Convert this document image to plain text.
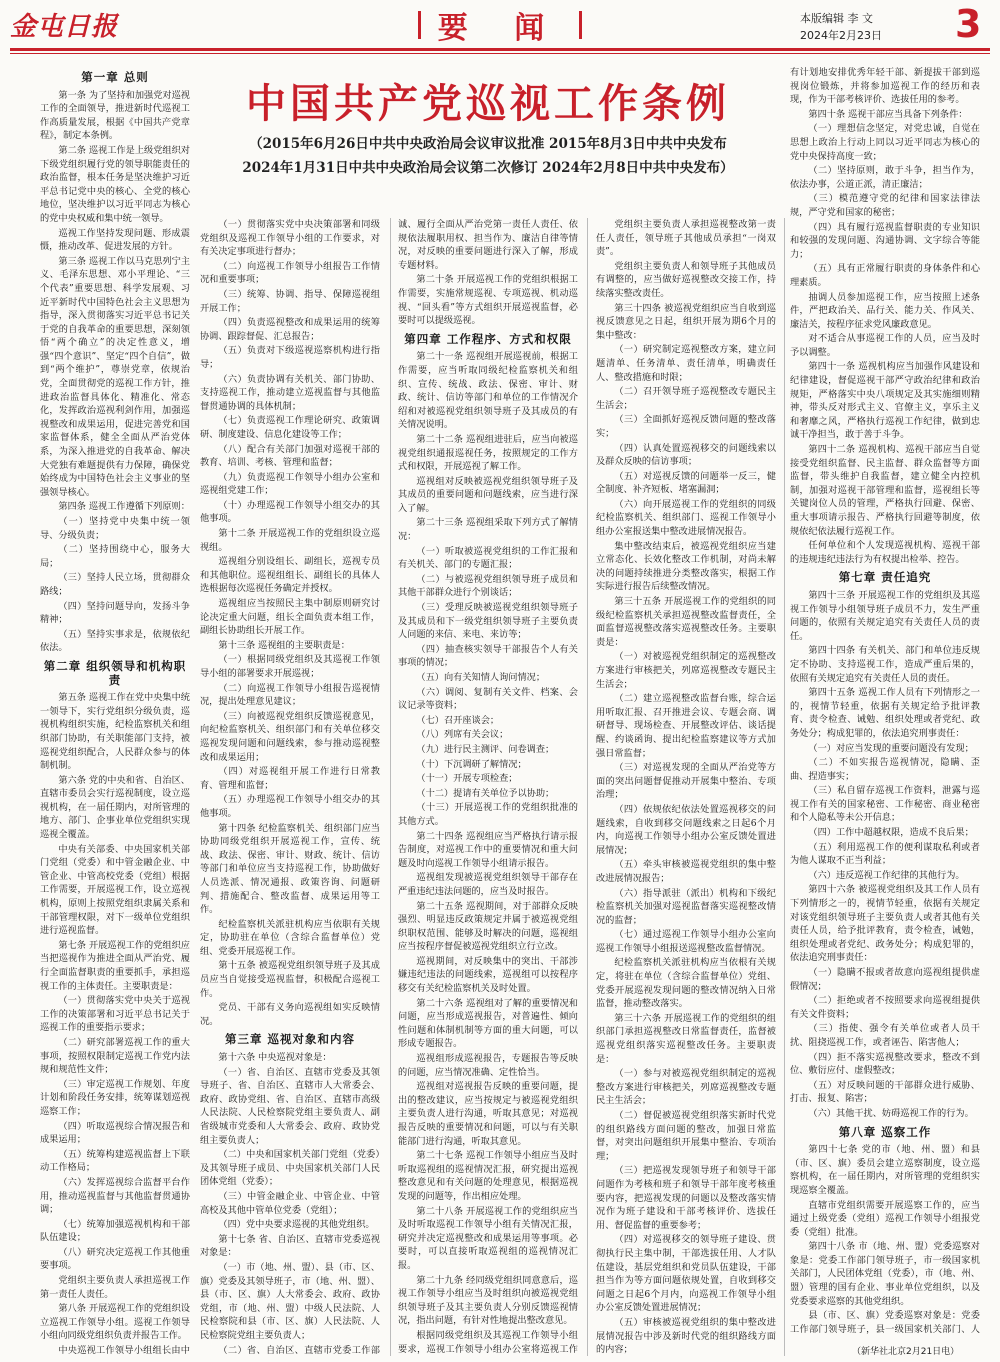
金屯日报	要 闻	本版编辑 李 文
2024年2月23日 3
中国共产党巡视工作条例
（2015年6月26日中共中央政治局会议审议批准 2015年8月3日中共中央发布
2024年1月31日中共中央政治局会议第二次修订 2024年2月8日中共中央发布）
第一章 总则

第一条 为了坚持和加强党对巡视工作的全面领导，推进新时代巡视工作高质量发展，根据《中国共产党章程》，制定本条例。

第二条 巡视工作是上级党组织对下级党组织履行党的领导职能责任的政治监督，根本任务是坚决维护习近平总书记党中央的核心、全党的核心地位，坚决维护以习近平同志为核心的党中央权威和集中统一领导。

巡视工作坚持发现问题、形成震慑，推动改革、促进发展的方针。

第三条 巡视工作以马克思列宁主义、毛泽东思想、邓小平理论、“三个代表”重要思想、科学发展观、习近平新时代中国特色社会主义思想为指导，深入贯彻落实习近平总书记关于党的自我革命的重要思想，深刻领悟“两个确立”的决定性意义，增强“四个意识”、坚定“四个自信”，做到“两个维护”，尊崇党章，依规治党，全面贯彻党的巡视工作方针，推进政治监督具体化、精准化、常态化，发挥政治巡视利剑作用，加强巡视整改和成果运用，促进完善党和国家监督体系，健全全面从严治党体系，为深入推进党的自我革命、解决大党独有难题提供有力保障，确保党始终成为中国特色社会主义事业的坚强领导核心。

第四条 巡视工作遵循下列原则：

（一）坚持党中央集中统一领导、分级负责；

（二）坚持围绕中心，服务大局；

（三）坚持人民立场，贯彻群众路线；

（四）坚持问题导向，发扬斗争精神；

（五）坚持实事求是，依规依纪依法。

第二章 组织领导和机构职责

第五条 巡视工作在党中央集中统一领导下，实行党组织分级负责，巡视机构组织实施，纪检监察机关和组织部门协助，有关职能部门支持，被巡视党组织配合，人民群众参与的体制机制。

第六条 党的中央和省、自治区、直辖市委员会实行巡视制度，设立巡视机构，在一届任期内，对所管理的地方、部门、企事业单位党组织实现巡视全覆盖。

中央有关部委、中央国家机关部门党组（党委）和中管金融企业、中管企业、中管高校党委（党组）根据工作需要，开展巡视工作，设立巡视机构，原则上按照党组织隶属关系和干部管理权限，对下一级单位党组织进行巡视监督。

第七条 开展巡视工作的党组织应当把巡视作为推进全面从严治党、履行全面监督职责的重要抓手，承担巡视工作的主体责任。主要职责是：

（一）贯彻落实党中央关于巡视工作的决策部署和习近平总书记关于巡视工作的重要指示要求；

（二）研究部署巡视工作的重大事项，按照权限制定巡视工作党内法规和规范性文件；

（三）审定巡视工作规划、年度计划和阶段任务安排，统筹谋划巡视巡察工作；

（四）听取巡视综合情况报告和成果运用；

（五）统筹构建巡视监督上下联动工作格局；

（六）发挥巡视综合监督平台作用，推动巡视监督与其他监督贯通协调；

（七）统筹加强巡视机构和干部队伍建设；

（八）研究决定巡视工作其他重要事项。

党组织主要负责人承担巡视工作第一责任人责任。

第八条 开展巡视工作的党组织设立巡视工作领导小组。巡视工作领导小组向同级党组织负责并报告工作。

中央巡视工作领导小组组长由中

（一）贯彻落实党中央决策部署和同级党组织及巡视工作领导小组的工作要求，对有关决定事项进行督办；

（二）向巡视工作领导小组报告工作情况和重要事项；

（三）统筹、协调、指导、保障巡视组开展工作；

（四）负责巡视整改和成果运用的统筹协调、跟踪督促、汇总报告；

（五）负责对下级巡视巡察机构进行指导；

（六）负责协调有关机关、部门协助、支持巡视工作，推动建立巡视监督与其他监督贯通协调的具体机制；

（七）负责巡视工作理论研究、政策调研、制度建设、信息化建设等工作；

（八）配合有关部门加强对巡视干部的教育、培训、考核、管理和监督；

（九）负责巡视工作领导小组办公室和巡视组党建工作；

（十）办理巡视工作领导小组交办的其他事项。

第十二条 开展巡视工作的党组织设立巡视组。

巡视组分别设组长、副组长，巡视专员和其他职位。巡视组组长、副组长的具体人选根据每次巡视任务确定并授权。

巡视组应当按照民主集中制原则研究讨论决定重大问题，组长全面负责本组工作，副组长协助组长开展工作。

第十三条 巡视组的主要职责是：

（一）根据同级党组织及其巡视工作领导小组的部署要求开展巡视；

（二）向巡视工作领导小组报告巡视情况，提出处理意见建议；

（三）向被巡视党组织反馈巡视意见，向纪检监察机关、组织部门和有关单位移交巡视发现问题和问题线索，参与推动巡视整改和成果运用；

（四）对巡视组开展工作进行日常教育、管理和监督；

（五）办理巡视工作领导小组交办的其他事项。

第十四条 纪检监察机关、组织部门应当协助同级党组织开展巡视工作，宣传、统战、政法、保密、审计、财政、统计、信访等部门和单位应当支持巡视工作，协助做好人员选派、情况通报、政策咨询、问题研判、措施配合、整改监督、成果运用等工作。

纪检监察机关派驻机构应当依职有关规定，协助驻在单位（含综合监督单位）党组、党委开展巡视工作。

第十五条 被巡视党组织领导班子及其成员应当自觉接受巡视监督，积极配合巡视工作。

党员、干部有义务向巡视组如实反映情况。

第三章 巡视对象和内容

第十六条 中央巡视对象是：

（一）省、自治区、直辖市党委及其领导班子、省、自治区、直辖市人大常委会、政府、政协党组、省、自治区、直辖市高级人民法院、人民检察院党组主要负责人、副省级城市党委和人大常委会、政府、政协党组主要负责人；

（二）中央和国家机关部门党组（党委）及其领导班子成员、中央国家机关部门人民团体党组（党委）；

（三）中管金融企业、中管企业、中管高校及其他中管单位党委（党组）；

（四）党中央要求巡视的其他党组织。

第十七条 省、自治区、直辖市党委巡视对象是：

（一）市（地、州、盟）、县（市、区、旗）党委及其领导班子，市（地、州、盟）、县（市、区、旗）人大常委会、政府、政协党组，市（地、州、盟）中级人民法院、人民检察院和县（市、区、旗）人民法院、人民检察院党组主要负责人；

（二）省、自治区、直辖市党委工作部

诚、履行全面从严治党第一责任人责任、依规依法履职用权、担当作为、廉洁自律等情况，对反映的重要问题进行深入了解，形成专题材料。

第二十条 开展巡视工作的党组织根据工作需要，实施常规巡视、专项巡视、机动巡视、“回头看”等方式组织开展巡视监督，必要时可以提级巡视。

第四章 工作程序、方式和权限

第二十一条 巡视组开展巡视前，根据工作需要，应当听取同级纪检监察机关和组织、宣传、统战、政法、保密、审计、财政、统计、信访等部门和单位的工作情况介绍和对被巡视党组织领导班子及其成员的有关情况说明。

第二十二条 巡视组进驻后，应当向被巡视党组织通报巡视任务，按照规定的工作方式和权限，开展巡视了解工作。

巡视组对反映被巡视党组织领导班子及其成员的重要问题和问题线索，应当进行深入了解。

第二十三条 巡视组采取下列方式了解情况：

（一）听取被巡视党组织的工作汇报和有关机关、部门的专题汇报；

（二）与被巡视党组织领导班子成员和其他干部群众进行个别谈话；

（三）受理反映被巡视党组织领导班子及其成员和下一级党组织领导班子主要负责人问题的来信、来电、来访等；

（四）抽查核实领导干部报告个人有关事项的情况；

（五）向有关知情人询问情况；

（六）调阅、复制有关文件、档案、会议记录等资料；

（七）召开座谈会；

（八）列席有关会议；

（九）进行民主测评、问卷调查；

（十）下沉调研了解情况；

（十一）开展专项检查；

（十二）提请有关单位予以协助；

（十三）开展巡视工作的党组织批准的其他方式。

第二十四条 巡视组应当严格执行请示报告制度，对巡视工作中的重要情况和重大问题及时向巡视工作领导小组请示报告。

巡视组发现被巡视党组织领导干部存在严重违纪违法问题的，应当及时报告。

第二十五条 巡视期间，对于部群众反映强烈、明显违反政策规定并属于被巡视党组织职权范围、能够及时解决的问题，巡视组应当按程序督促被巡视党组织立行立改。

巡视期间，对反映集中的突出、干部涉嫌违纪违法的问题线索，巡视组可以按程序移交有关纪检监察机关及时处置。

第二十六条 巡视组对了解的重要情况和问题，应当形成巡视报告，对普遍性、倾向性问题和体制机制等方面的重大问题，可以形成专题报告。

巡视组形成巡视报告，专题报告等反映的问题，应当情况准确、定性恰当。

巡视组对巡视报告反映的重要问题，提出的整改建议，应当按规定与被巡视党组织主要负责人进行沟通，听取其意见；对巡视报告反映的重要情况和问题，可以与有关职能部门进行沟通，听取其意见。

第二十七条 巡视工作领导小组应当及时听取巡视组的巡视情况汇报，研究提出巡视整改意见和有关问题的处理意见，根据巡视发现的问题等，作出相应处理。

第二十八条 开展巡视工作的党组织应当及时听取巡视工作领导小组有关情况汇报，研究并决定巡视整改和成果运用等事项。必要时，可以直接听取巡视组的巡视情况汇报。

第二十九条 经同级党组织同意意后，巡视工作领导小组应当及时组织向被巡视党组织领导班子及其主要负责人分别反馈巡视情况，指出问题，有针对性地提出整改意见。

根据同级党组织及其巡视工作领导小组要求，巡视工作领导小组办公室将巡视工作

党组织主要负责人承担巡视整改第一责任人责任，领导班子其他成员承担“一岗双责”。

党组织主要负责人和领导班子其他成员有调整的，应当做好巡视整改交接工作，持续落实整改责任。

第三十四条 被巡视党组织应当自收到巡视反馈意见之日起，组织开展为期6个月的集中整改：

（一）研究制定巡视整改方案，建立问题清单、任务清单、责任清单，明确责任人、整改措施和时限；

（二）召开领导班子巡视整改专题民主生活会；

（三）全面抓好巡视反馈问题的整改落实；

（四）认真处置巡视移交的问题线索以及群众反映的信访事项；

（五）对巡视反馈的问题举一反三，健全制度、补齐短板、堵塞漏洞；

（六）向开展巡视工作的党组织的同级纪检监察机关、组织部门、巡视工作领导小组办公室报送集中整改进展情况报告。

集中整改结束后，被巡视党组织应当建立常态化、长效化整改工作机制，对尚未解决的问题持续推进分类整改落实，根据工作实际进行报告后续整改情况。

第三十五条 开展巡视工作的党组织的同级纪检监察机关承担巡视整改监督责任，全面监督巡视整改落实巡视整改任务。主要职责是：

（一）对被巡视党组织制定的巡视整改方案进行审核把关，列席巡视整改专题民主生活会；

（二）建立巡视整改监督台账，综合运用听取汇报、召开推进会议、专题会商、调研督导、现场检查、开展整改评估、谈话提醒、约谈函询、提出纪检监察建议等方式加强日常监督；

（三）对巡视发现的全面从严治党等方面的突出问题督促推动开展集中整治、专项治理；

（四）依规依纪依法处置巡视移交的问题线索，自收到移交问题线索之日起6个月内，向巡视工作领导小组办公室反馈处置进展情况；

（五）牵头审核被巡视党组织的集中整改进展情况报告；

（六）指导派驻（派出）机构和下级纪检监察机关加强对巡视监督落实巡视整改情况的监督；

（七）通过巡视工作领导小组办公室向巡视工作领导小组报送巡视整改监督情况。

纪检监察机关派驻机构应当依根有关规定，将驻在单位（含综合监督单位）党组、党委开展巡视发现问题的整改情况纳入日常监督，推动整改落实。

第三十六条 开展巡视工作的党组织的组织部门承担巡视整改日常监督责任，监督被巡视党组织落实巡视整改任务。主要职责是：

（一）参与对被巡视党组织制定的巡视整改方案进行审核把关，列席巡视整改专题民主生活会；

（二）督促被巡视党组织落实新时代党的组织路线方面问题的整改，加强日常监督，对突出问题组织开展集中整治、专项治理；

（三）把巡视发现领导班子和领导干部问题作为考核和班子和领导干部年度考核重要内容，把巡视发现的问题以及整改落实情况作为班子建设和干部考核评价、选拔任用、督促监督的重要参考；

（四）对巡视移交的领导班子建设、贯彻执行民主集中制，干部选拔任用、人才队伍建设，基层党组织和党员队伍建设，干部担当作为等方面问题依规处置，自收到移交问题之日起6个月内，向巡视工作领导小组办公室反馈处置进展情况；

（五）审核被巡视党组织的集中整改进展情况报告中涉及新时代党的组织路线方面的内容；

有计划地安排优秀年轻干部、新提拔干部到巡视岗位锻炼，并将参加巡视工作的经历和表现，作为干部考核评价、选拔任用的参考。

第四十条 巡视干部应当具备下列条件：

（一）理想信念坚定，对党忠诚，自觉在思想上政治上行动上同以习近平同志为核心的党中央保持高度一致；

（二）坚持原则，敢于斗争，担当作为，依法办事，公道正派，清正廉洁；

（三）模范遵守党的纪律和国家法律法规，严守党和国家的秘密；

（四）具有履行巡视监督职责的专业知识和较强的发现问题、沟通协调、文字综合等能力；

（五）具有正常履行职责的身体条件和心理素质。

抽调人员参加巡视工作，应当按照上述条件，严把政治关、品行关、能力关、作风关、廉洁关，按程序征求党风廉政意见。

对不适合从事巡视工作的人员，应当及时予以调整。

第四十一条 巡视机构应当加强作风建设和纪律建设，督促巡视干部严守政治纪律和政治规矩，严格落实中央八项规定及其实施细则精神，带头反对形式主义、官僚主义，享乐主义和奢靡之风，严格执行巡视工作纪律，做到忠诚干净担当，敢于善于斗争。

第四十二条 巡视机构、巡视干部应当自觉接受党组织监督、民主监督、群众监督等方面监督，带头维护自我监督，建立健全内控机制，加强对巡视干部管理和监督，巡视组长等关键岗位人员的管理，严格执行回避、保密、重大事项请示报告、严格执行回避等制度，依规依纪依法履行巡视工作。

任何单位和个人发现巡视机构、巡视干部的违规违纪违法行为有权提出检举、控告。

第七章 责任追究

第四十三条 开展巡视工作的党组织及其巡视工作领导小组领导班子成员不力，发生严重问题的，依照有关规定追究有关责任人员的责任。

第四十四条 有关机关、部门和单位违反规定不协助、支持巡视工作，造成严重后果的，依照有关规定追究有关责任人员的责任。

第四十五条 巡视工作人员有下列情形之一的，视情节轻重，依据有关规定给予批评教育、责令检查、诫勉、组织处理或者党纪、政务处分；构成犯罪的，依法追究刑事责任：

（一）对应当发现的重要问题没有发现；

（二）不如实报告巡视情况，隐瞒、歪曲、捏造事实；

（三）私自留存巡视工作资料，泄露与巡视工作有关的国家秘密、工作秘密、商业秘密和个人隐私等未公开信息；

（四）工作中超越权限，造成不良后果；

（五）利用巡视工作的便利谋取私利或者为他人谋取不正当利益；

（六）违反巡视工作纪律的其他行为。

第四十六条 被巡视党组织及其工作人员有下列情形之一的，视情节轻重，依据有关规定对该党组织领导班子主要负责人或者其他有关责任人员，给予批评教育，责令检查，诫勉，组织处理或者党纪、政务处分；构成犯罪的，依法追究刑事责任：

（一）隐瞒不报或者故意向巡视组提供虚假情况；

（二）拒绝或者不按照要求向巡视组提供有关文件资料；

（三）指使、强令有关单位或者人员干扰、阻挠巡视工作，或者诬告、陷害他人；

（四）拒不落实巡视整改要求，整改不到位、敷衍应付、虚假整改；

（五）对反映问题的干部群众进行威胁、打击、报复、陷害；

（六）其他干扰、妨碍巡视工作的行为。

第八章 巡察工作

第四十七条 党的市（地、州、盟）和县（市、区、旗）委员会建立巡察制度，设立巡察机构，在一届任期内，对所管理的党组织实现巡察全覆盖。

直辖市党组织需要开展巡察工作的，应当通过上级党委（党组）巡视工作领导小组报党委（党组）批准。

第四十八条 市（地、州、盟）党委巡察对象是：党委工作部门领导班子，市一级国家机关部门，人民团体党组（党委），市（地、州、盟）管理的国有企业、事业单位党组织，以及党委要求巡察的其他党组织。

县（市、区、旗）党委巡察对象是：党委工作部门领导班子，县一级国家机关部门、人

（新华社北京2月21日电）
